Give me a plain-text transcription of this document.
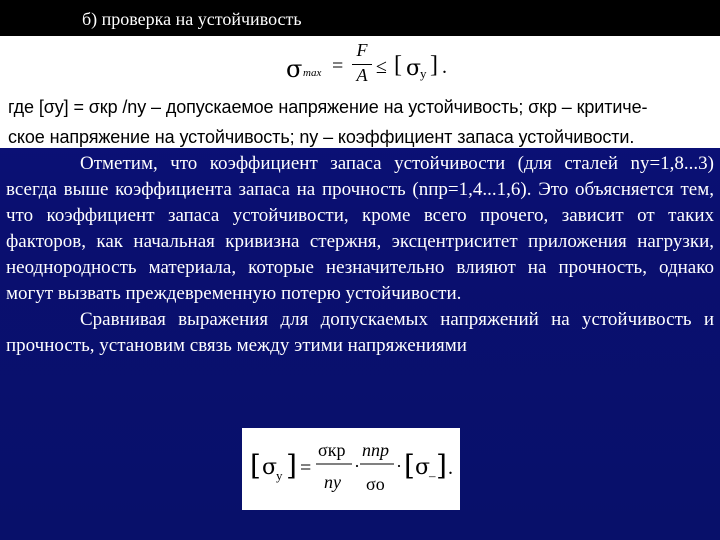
б) проверка на устойчивость
σ max =
F
A ≤ [ σ
у ] .
где [σу] = σкр /nу – допускаемое напряжение на устойчивость; σкр – критиче-
ское напряжение на устойчивость; nу – коэффициент запаса устойчивости.

Отметим, что коэффициент запаса устойчивости (для сталей nу=1,8...3) всегда выше коэффициента запаса на прочность (nпр=1,4...1,6). Это объясняется тем, что коэффициент запаса устойчивости, кроме всего прочего, зависит от таких факторов, как начальная кривизна стержня, эксцентриситет приложения нагрузки, неоднородность материала, которые незначительно влияют на прочность, однако могут вызвать преждевременную потерю устойчивости.

Сравнивая выражения для допускаемых напряжений на устойчивость и прочность, установим связь между этими напряжениями

[ σ
у ] =
σкр
nу
·
nпр
σо
· [ σ
– ] .
